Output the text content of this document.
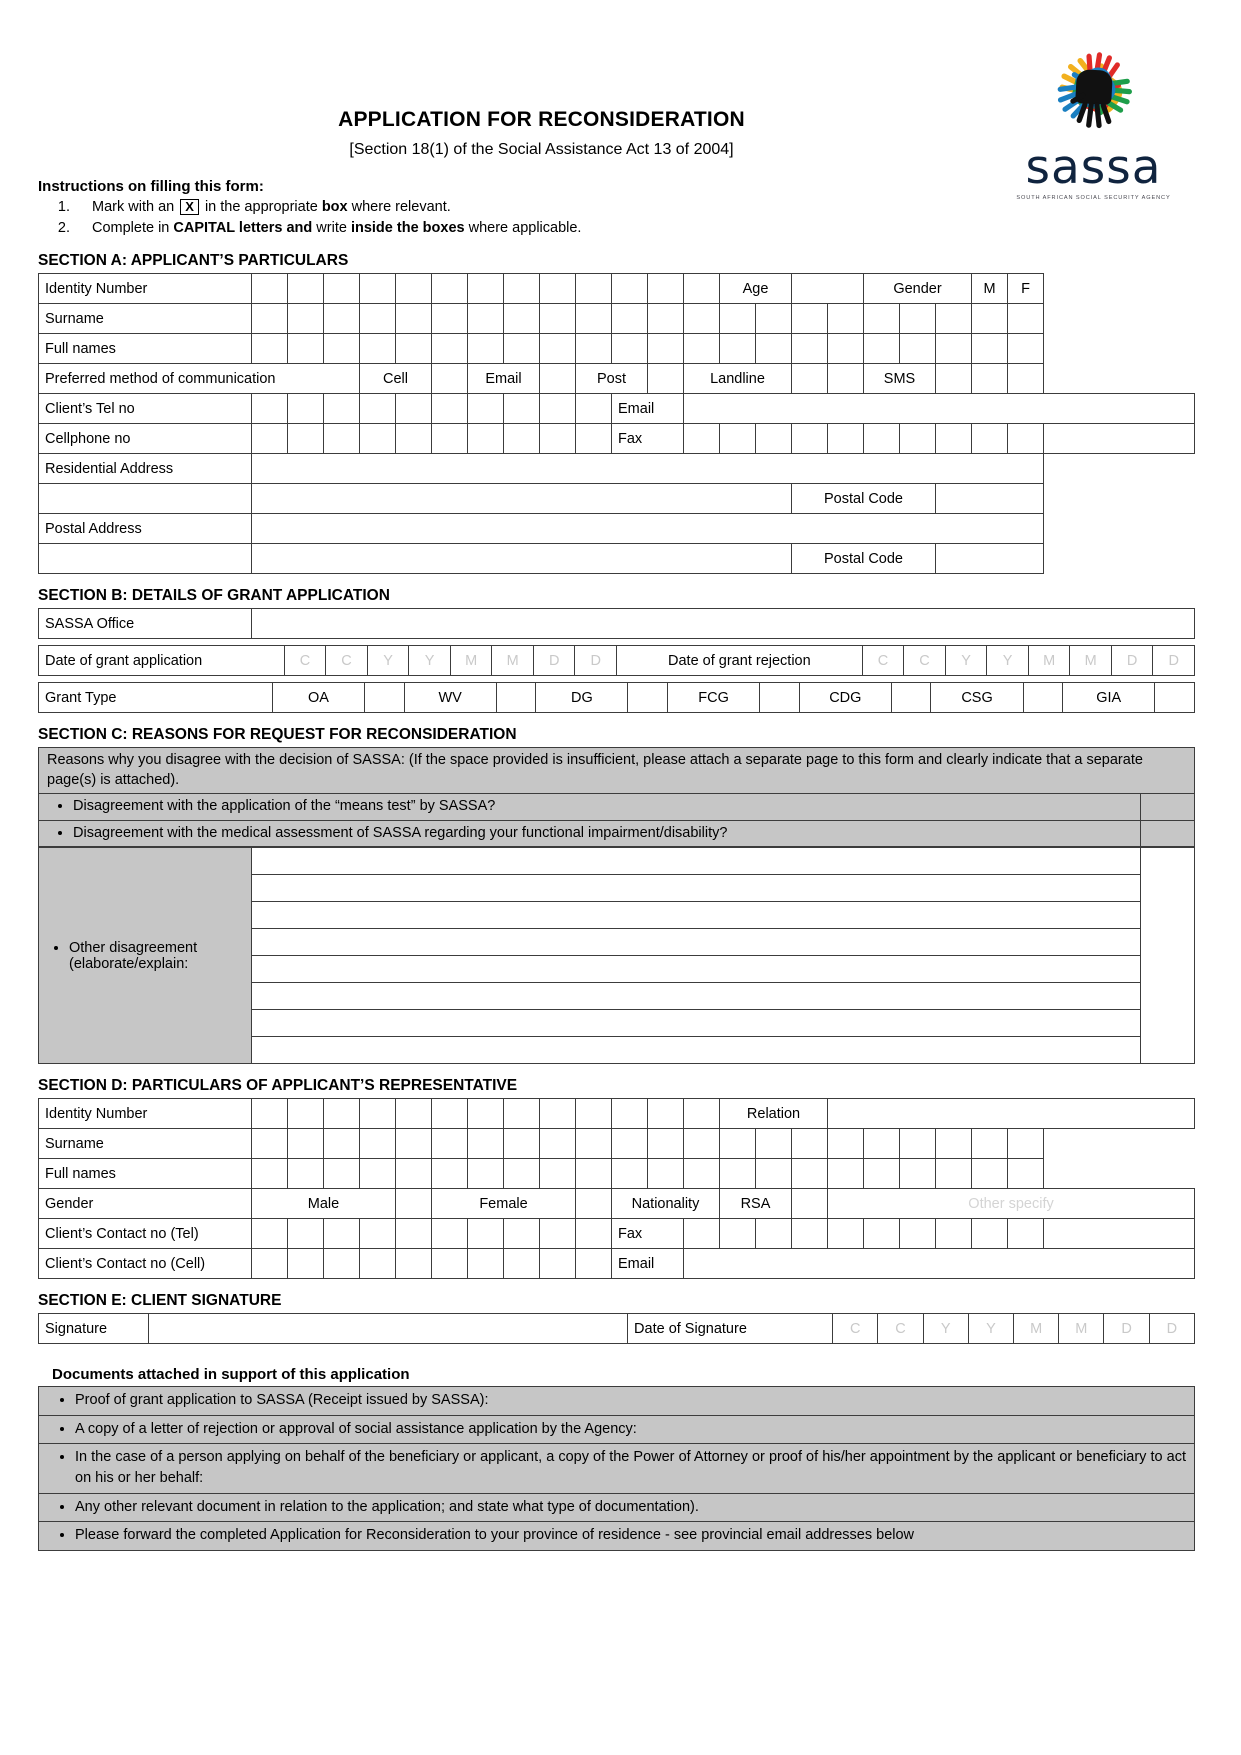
APPLICATION FOR RECONSIDERATION
[Section 18(1) of the Social Assistance Act 13 of 2004]	sassa
SOUTH AFRICAN SOCIAL SECURITY AGENCY
Instructions on filling this form:
1. Mark with an X in the appropriate box where relevant.
2. Complete in CAPITAL letters and write inside the boxes where applicable.
SECTION A: APPLICANT’S PARTICULARS
Identity Number														Age				Gender			M	F	
Surname																							
Full names																							
Preferred method of communication				Cell			Email			Post			Landline					SMS					
Client’s Tel no											Email												
Cellphone no											Fax												
Residential Address																							
																Postal Code							
Postal Address																							
																Postal Code							
SECTION B: DETAILS OF GRANT APPLICATION
SASSA Office	
Date of grant application	C	C	Y	Y	M	M	D	D	Date of grant rejection	C	C	Y	Y	M	M	D	D
Grant Type	OA		WV		DG		FCG		CDG		CSG		GIA	
SECTION C: REASONS FOR REQUEST FOR RECONSIDERATION
Reasons why you disagree with the decision of SASSA: (If the space provided is insufficient, please attach a separate page to this form and clearly indicate that a separate page(s) is attached).	

• Disagreement with the application of the “means test” by SASSA?

• Disagreement with the medical assessment of SASSA regarding your functional impairment/disability?

• Other disagreement (elaborate/explain:

SECTION D: PARTICULARS OF APPLICANT’S REPRESENTATIVE
Identity Number														Relation									
Surname																							
Full names																							
Gender	Male					Female					Nationality			RSA			Other specify						
Client’s Contact no (Tel)											Fax												
Client’s Contact no (Cell)											Email												
SECTION E: CLIENT SIGNATURE
Signature		Date of Signature	C	C	Y	Y	M	M	D	D
Documents attached in support of this application
• Proof of grant application to SASSA (Receipt issued by SASSA):

• A copy of a letter of rejection or approval of social assistance application by the Agency:

• In the case of a person applying on behalf of the beneficiary or applicant, a copy of the Power of Attorney or proof of his/her appointment by the applicant or beneficiary to act on his or her behalf:

• Any other relevant document in relation to the application; and state what type of documentation).

• Please forward the completed Application for Reconsideration to your province of residence - see provincial email addresses below
